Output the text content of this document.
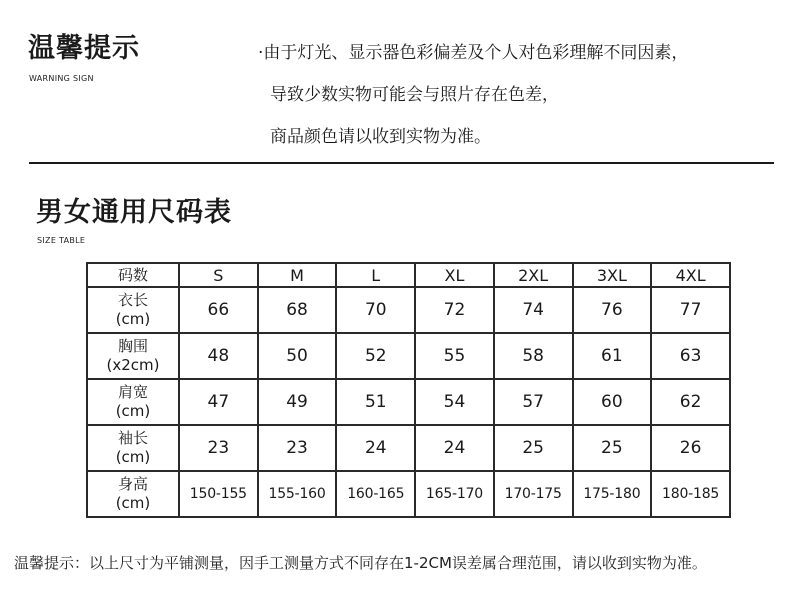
温馨提示
WARNING SIGN
·由于灯光、显示器色彩偏差及个人对色彩理解不同因素，
导致少数实物可能会与照片存在色差，
商品颜色请以收到实物为准。
男女通用尺码表
SIZE TABLE
码数	S	M	L	XL	2XL	3XL	4XL
衣长
(cm)	66	68	70	72	74	76	77
胸围
(x2cm)	48	50	52	55	58	61	63
肩宽
(cm)	47	49	51	54	57	60	62
袖长
(cm)	23	23	24	24	25	25	26
身高
(cm)	150-155	155-160	160-165	165-170	170-175	175-180	180-185
温馨提示：以上尺寸为平铺测量，因手工测量方式不同存在1-2CM误差属合理范围，请以收到实物为准。
